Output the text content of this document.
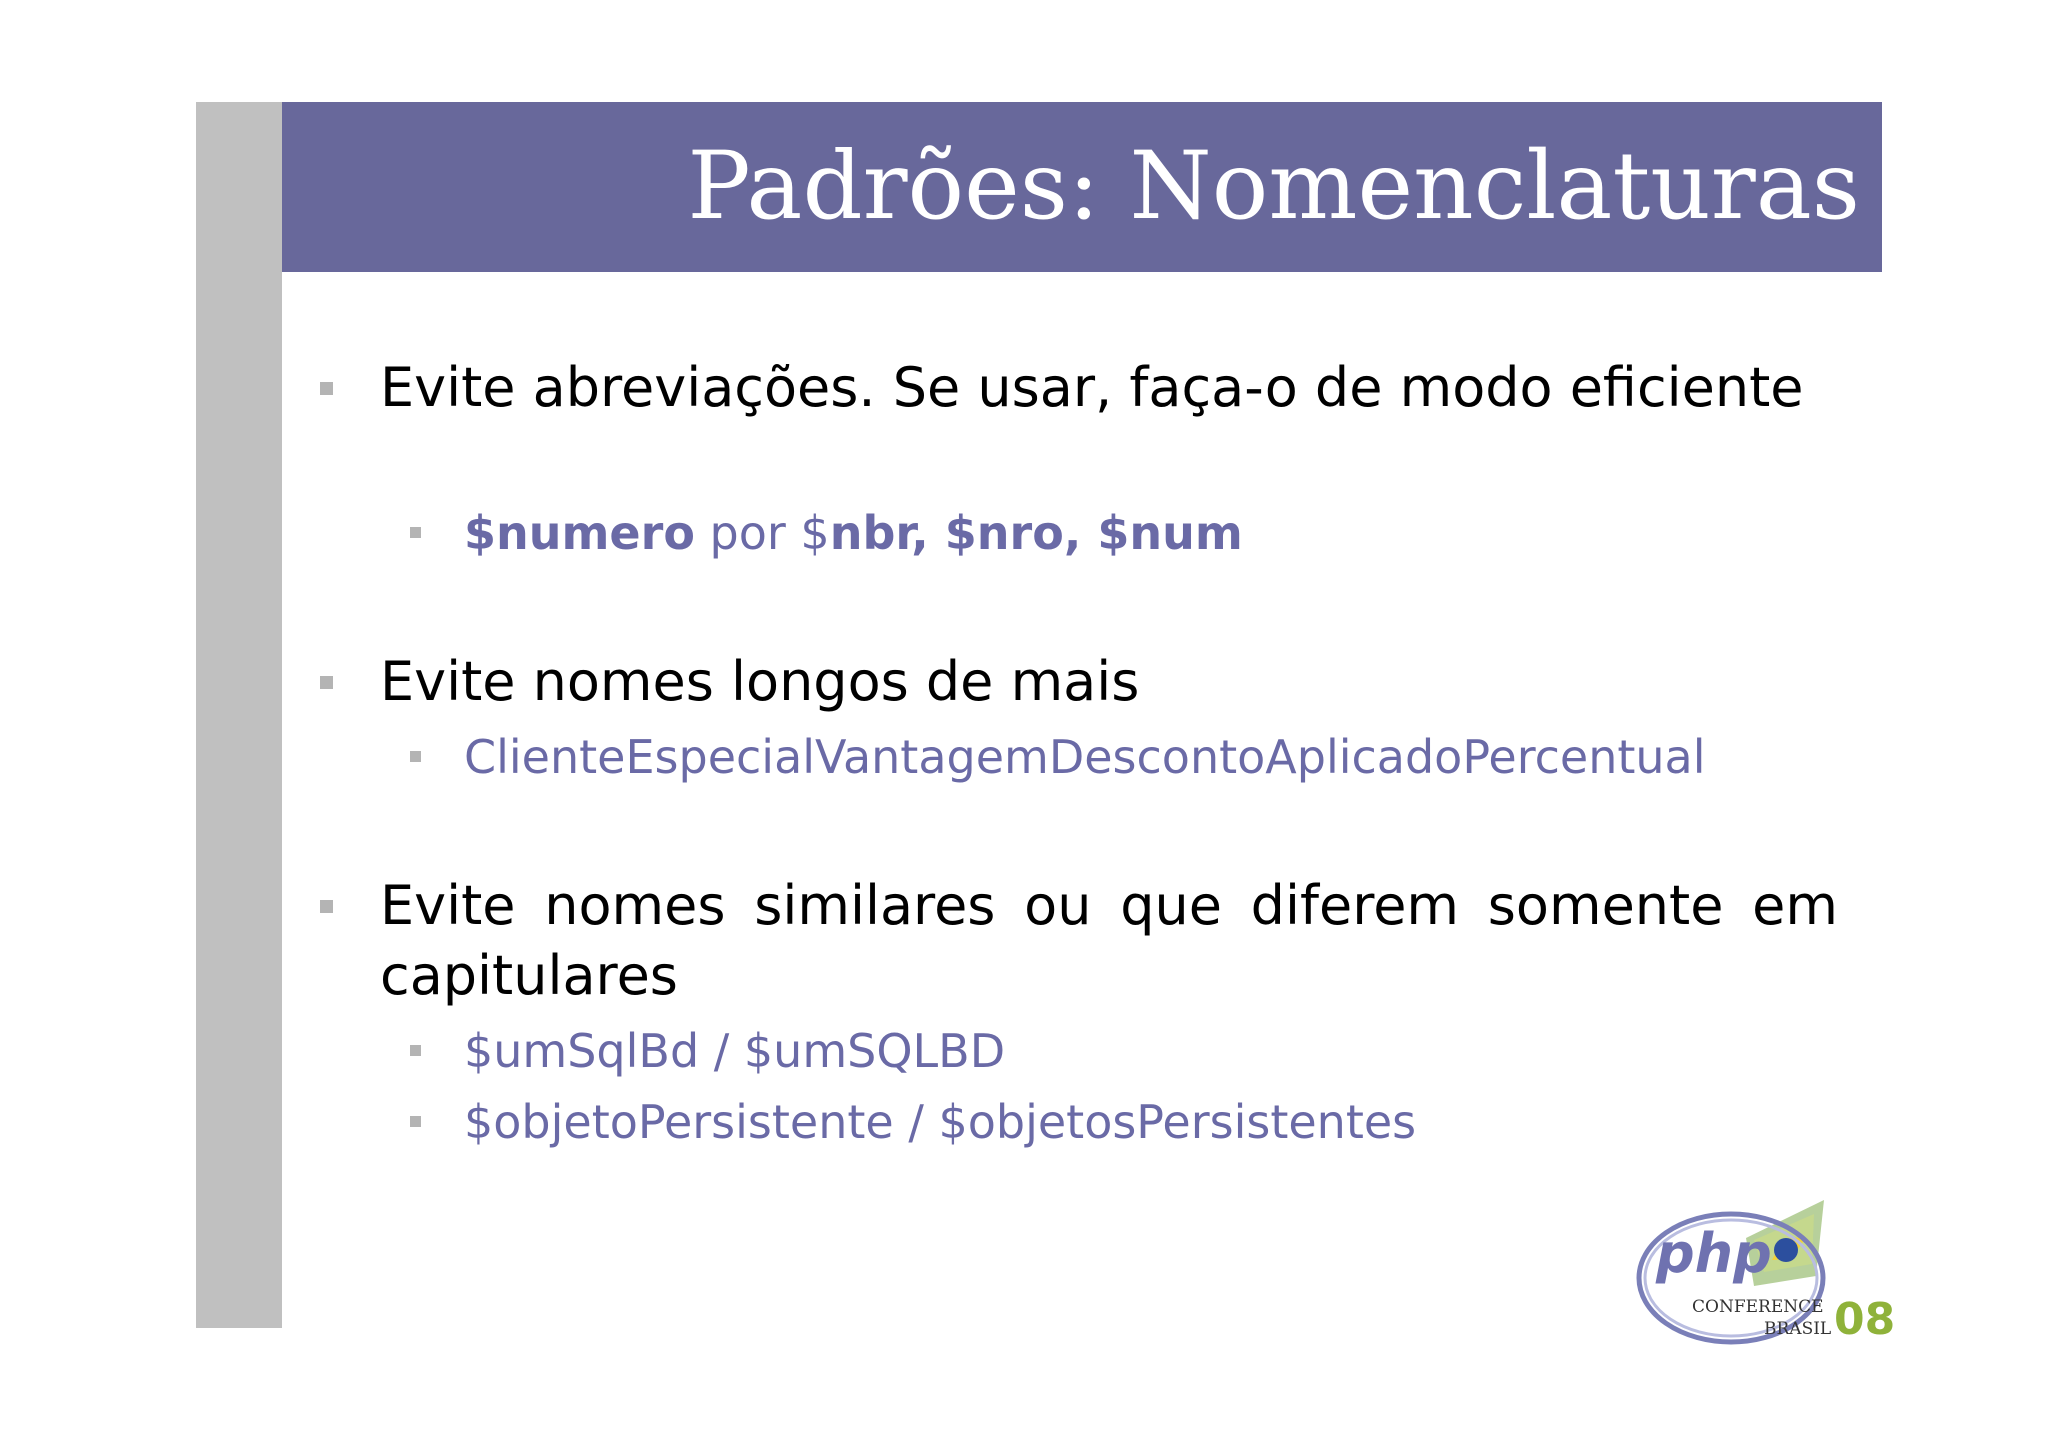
Padrões: Nomenclaturas

Evite abreviações. Se usar, faça-o de modo eficiente

$numero por $nbr, $nro, $num

Evite nomes longos de mais

ClienteEspecialVantagemDescontoAplicadoPercentual

Evite nomes similares ou que diferem somente em capitulares

$umSqlBd / $umSQLBD

$objetoPersistente / $objetosPersistentes

php
CONFERENCE
BRASIL 08
